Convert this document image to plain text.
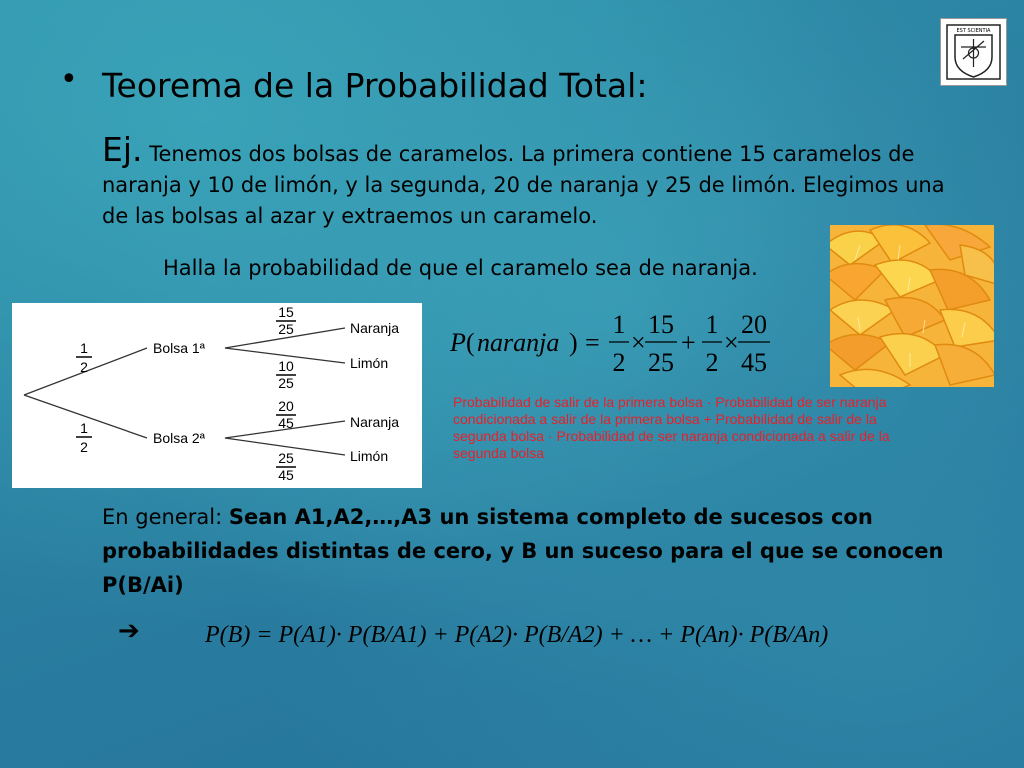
• Teorema de la Probabilidad Total:
Ej. Tenemos dos bolsas de caramelos. La primera contiene 15 caramelos de naranja y 10 de limón, y la segunda, 20 de naranja y 25 de limón. Elegimos una de las bolsas al azar y extraemos un caramelo.
Halla la probabilidad de que el caramelo sea de naranja.
EST SCIENTIA
1
2
1
2
Bolsa 1ª
Bolsa 2ª
15
25
10
25
20
45
25
45
Naranja
Limón
Naranja
Limón
P ( naranja ) =
1
2
×
15
25
+
1
2
×
20
45
Probabilidad de salir de la primera bolsa · Probabilidad de ser naranja condicionada a salir de la primera bolsa + Probabilidad de salir de la segunda bolsa · Probabilidad de ser naranja condicionada a salir de la segunda bolsa
En general: Sean A1,A2,…,A3 un sistema completo de sucesos con probabilidades distintas de cero, y B un suceso para el que se conocen P(B/Ai)
➔	P(B) = P(A1)· P(B/A1) + P(A2)· P(B/A2) + … + P(An)· P(B/An)
